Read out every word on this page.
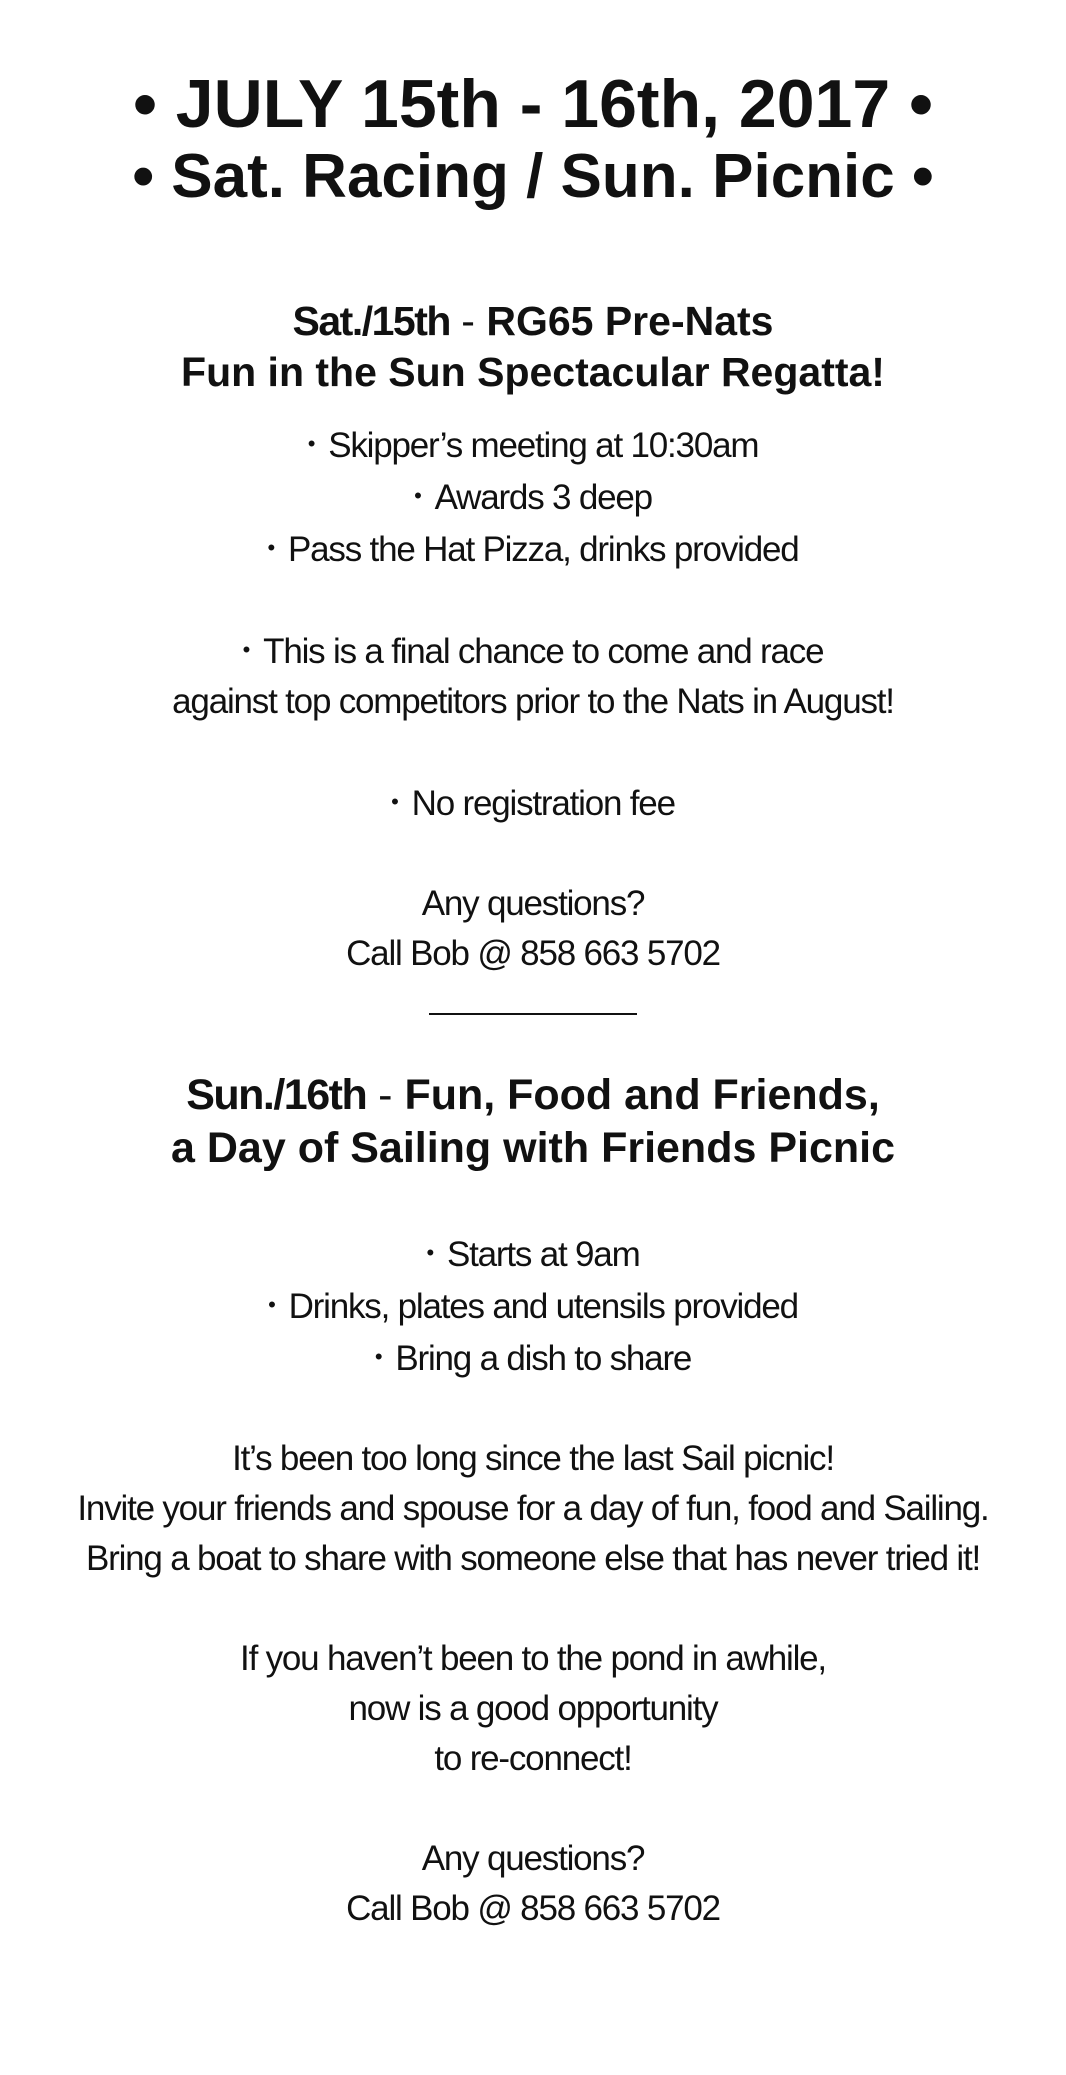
• JULY 15th - 16th, 2017 •
• Sat. Racing / Sun. Picnic •
Sat./15th - RG65 Pre-Nats
Fun in the Sun Spectacular Regatta!
• Skipper’s meeting at 10:30am
• Awards 3 deep
• Pass the Hat Pizza, drinks provided
• This is a final chance to come and race
against top competitors prior to the Nats in August!
• No registration fee
Any questions?
Call Bob @ 858 663 5702
Sun./16th - Fun, Food and Friends,
a Day of Sailing with Friends Picnic
• Starts at 9am
• Drinks, plates and utensils provided
• Bring a dish to share
It’s been too long since the last Sail picnic!
Invite your friends and spouse for a day of fun, food and Sailing.
Bring a boat to share with someone else that has never tried it!
If you haven’t been to the pond in awhile,
now is a good opportunity
to re-connect!
Any questions?
Call Bob @ 858 663 5702
